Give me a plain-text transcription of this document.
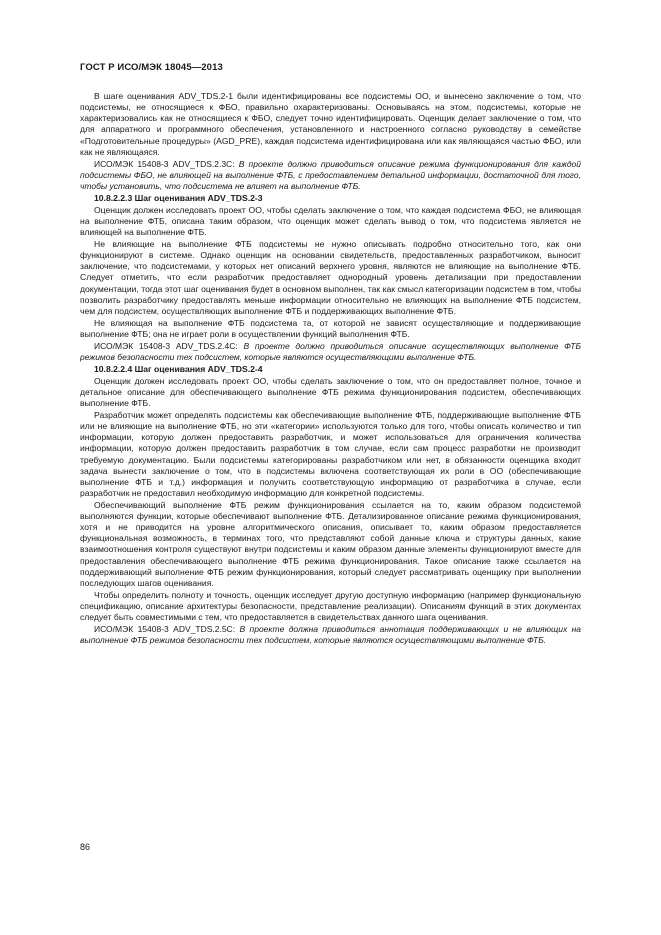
ГОСТ Р ИСО/МЭК 18045—2013

В шаге оценивания ADV_TDS.2-1 были идентифицированы все подсистемы ОО, и вынесено заключение о том, что подсистемы, не относящиеся к ФБО, правильно охарактеризованы. Основываясь на этом, подсистемы, которые не характеризовались как не относящиеся к ФБО, следует точно идентифицировать. Оценщик делает заключение о том, что для аппаратного и программного обеспечения, установленного и настроенного согласно руководству в семействе «Подготовительные процедуры» (AGD_PRE), каждая подсистема идентифицирована или как являющаяся частью ФБО, или как не являющаяся.

ИСО/МЭК 15408-3 ADV_TDS.2.3C: В проекте должно приводиться описание режима функционирования для каждой подсистемы ФБО, не влияющей на выполнение ФТБ, с предоставлением детальной информации, достаточной для того, чтобы установить, что подсистема не влияет на выполнение ФТБ.

10.8.2.2.3 Шаг оценивания ADV_TDS.2-3

Оценщик должен исследовать проект ОО, чтобы сделать заключение о том, что каждая подсистема ФБО, не влияющая на выполнение ФТБ, описана таким образом, что оценщик может сделать вывод о том, что подсистема является не влияющей на выполнение ФТБ.

Не влияющие на выполнение ФТБ подсистемы не нужно описывать подробно относительно того, как они функционируют в системе. Однако оценщик на основании свидетельств, предоставленных разработчиком, выносит заключение, что подсистемами, у которых нет описаний верхнего уровня, являются не влияющие на выполнение ФТБ. Следует отметить, что если разработчик предоставляет однородный уровень детализации при предоставлении документации, тогда этот шаг оценивания будет в основном выполнен, так как смысл категоризации подсистем в том, чтобы позволить разработчику предоставлять меньше информации относительно не влияющих на выполнение ФТБ подсистем, чем для подсистем, осуществляющих выполнение ФТБ и поддерживающих выполнение ФТБ.

Не влияющая на выполнение ФТБ подсистема та, от которой не зависят осуществляющие и поддерживающие выполнение ФТБ; она не играет роли в осуществлении функций выполнения ФТБ.

ИСО/МЭК 15408-3 ADV_TDS.2.4C: В проекте должно приводиться описание осуществляющих выполнение ФТБ режимов безопасности тех подсистем, которые являются осуществляющими выполнение ФТБ.

10.8.2.2.4 Шаг оценивания ADV_TDS.2-4

Оценщик должен исследовать проект ОО, чтобы сделать заключение о том, что он предоставляет полное, точное и детальное описание для обеспечивающего выполнение ФТБ режима функционирования подсистем, обеспечивающих выполнение ФТБ.

Разработчик может определять подсистемы как обеспечивающие выполнение ФТБ, поддерживающие выполнение ФТБ или не влияющие на выполнение ФТБ, но эти «категории» используются только для того, чтобы описать количество и тип информации, которую должен предоставить разработчик, и может использоваться для ограничения количества информации, которую должен предоставить разработчик в том случае, если сам процесс разработки не производит требуемую документацию. Были подсистемы категорированы разработчиком или нет, в обязанности оценщика входит задача вынести заключение о том, что в подсистемы включена соответствующая их роли в ОО (обеспечивающие выполнение ФТБ и т.д.) информация и получить соответствующую информацию от разработчика в случае, если разработчик не предоставил необходимую информацию для конкретной подсистемы.

Обеспечивающий выполнение ФТБ режим функционирования ссылается на то, каким образом подсистемой выполняются функции, которые обеспечивают выполнение ФТБ. Детализированное описание режима функционирования, хотя и не приводится на уровне алгоритмического описания, описывает то, каким образом предоставляется функциональная возможность, в терминах того, что представляют собой данные ключа и структуры данных, какие взаимоотношения контроля существуют внутри подсистемы и каким образом данные элементы функционируют вместе для предоставления обеспечивающего выполнение ФТБ режима функционирования. Такое описание также ссылается на поддерживающий выполнение ФТБ режим функционирования, который следует рассматривать оценщику при выполнении последующих шагов оценивания.

Чтобы определить полноту и точность, оценщик исследует другую доступную информацию (например функциональную спецификацию, описание архитектуры безопасности, представление реализации). Описаниям функций в этих документах следует быть совместимыми с тем, что предоставляется в свидетельствах данного шага оценивания.

ИСО/МЭК 15408-3 ADV_TDS.2.5C: В проекте должна приводиться аннотация поддерживающих и не влияющих на выполнение ФТБ режимов безопасности тех подсистем, которые являются осуществляющими выполнение ФТБ.

86
